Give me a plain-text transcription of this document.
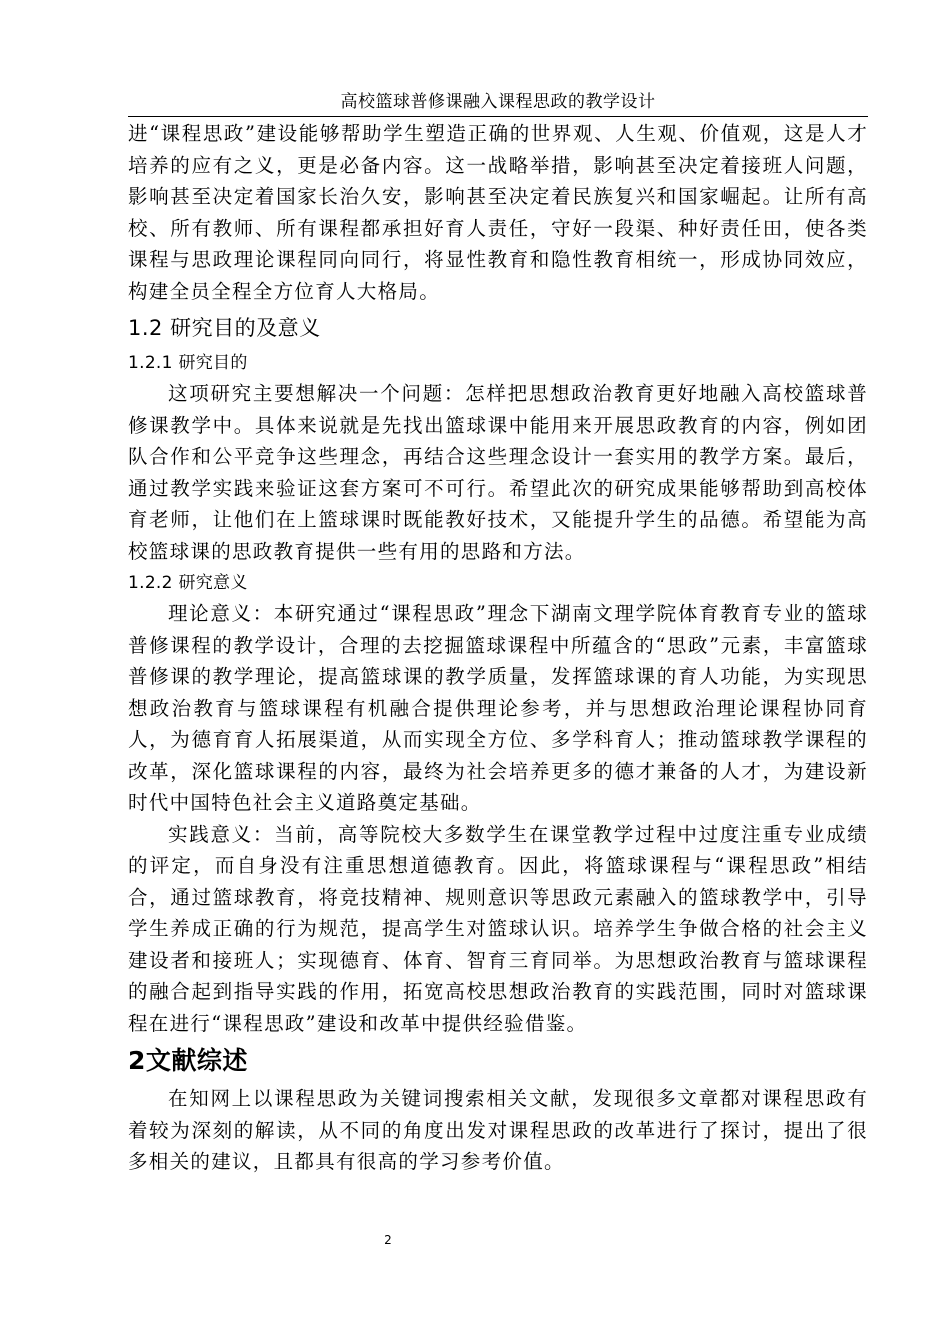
高校篮球普修课融入课程思政的教学设计

进“课程思政”建设能够帮助学生塑造正确的世界观、人生观、价值观，这是人才培养的应有之义，更是必备内容。这一战略举措，影响甚至决定着接班人问题，影响甚至决定着国家长治久安，影响甚至决定着民族复兴和国家崛起。让所有高校、所有教师、所有课程都承担好育人责任，守好一段渠、种好责任田，使各类课程与思政理论课程同向同行，将显性教育和隐性教育相统一，形成协同效应，构建全员全程全方位育人大格局。

1.2 研究目的及意义
1.2.1 研究目的

这项研究主要想解决一个问题：怎样把思想政治教育更好地融入高校篮球普修课教学中。具体来说就是先找出篮球课中能用来开展思政教育的内容，例如团队合作和公平竞争这些理念，再结合这些理念设计一套实用的教学方案。最后，通过教学实践来验证这套方案可不可行。希望此次的研究成果能够帮助到高校体育老师，让他们在上篮球课时既能教好技术，又能提升学生的品德。希望能为高校篮球课的思政教育提供一些有用的思路和方法。

1.2.2 研究意义

理论意义：本研究通过“课程思政”理念下湖南文理学院体育教育专业的篮球普修课程的教学设计，合理的去挖掘篮球课程中所蕴含的“思政”元素，丰富篮球普修课的教学理论，提高篮球课的教学质量，发挥篮球课的育人功能，为实现思想政治教育与篮球课程有机融合提供理论参考，并与思想政治理论课程协同育人，为德育育人拓展渠道，从而实现全方位、多学科育人；推动篮球教学课程的改革，深化篮球课程的内容，最终为社会培养更多的德才兼备的人才，为建设新时代中国特色社会主义道路奠定基础。

实践意义：当前，高等院校大多数学生在课堂教学过程中过度注重专业成绩的评定，而自身没有注重思想道德教育。因此，将篮球课程与“课程思政”相结合，通过篮球教育，将竞技精神、规则意识等思政元素融入的篮球教学中，引导学生养成正确的行为规范，提高学生对篮球认识。培养学生争做合格的社会主义建设者和接班人；实现德育、体育、智育三育同举。为思想政治教育与篮球课程的融合起到指导实践的作用，拓宽高校思想政治教育的实践范围，同时对篮球课程在进行“课程思政”建设和改革中提供经验借鉴。

2文献综述

在知网上以课程思政为关键词搜索相关文献，发现很多文章都对课程思政有着较为深刻的解读，从不同的角度出发对课程思政的改革进行了探讨，提出了很多相关的建议，且都具有很高的学习参考价值。

2
